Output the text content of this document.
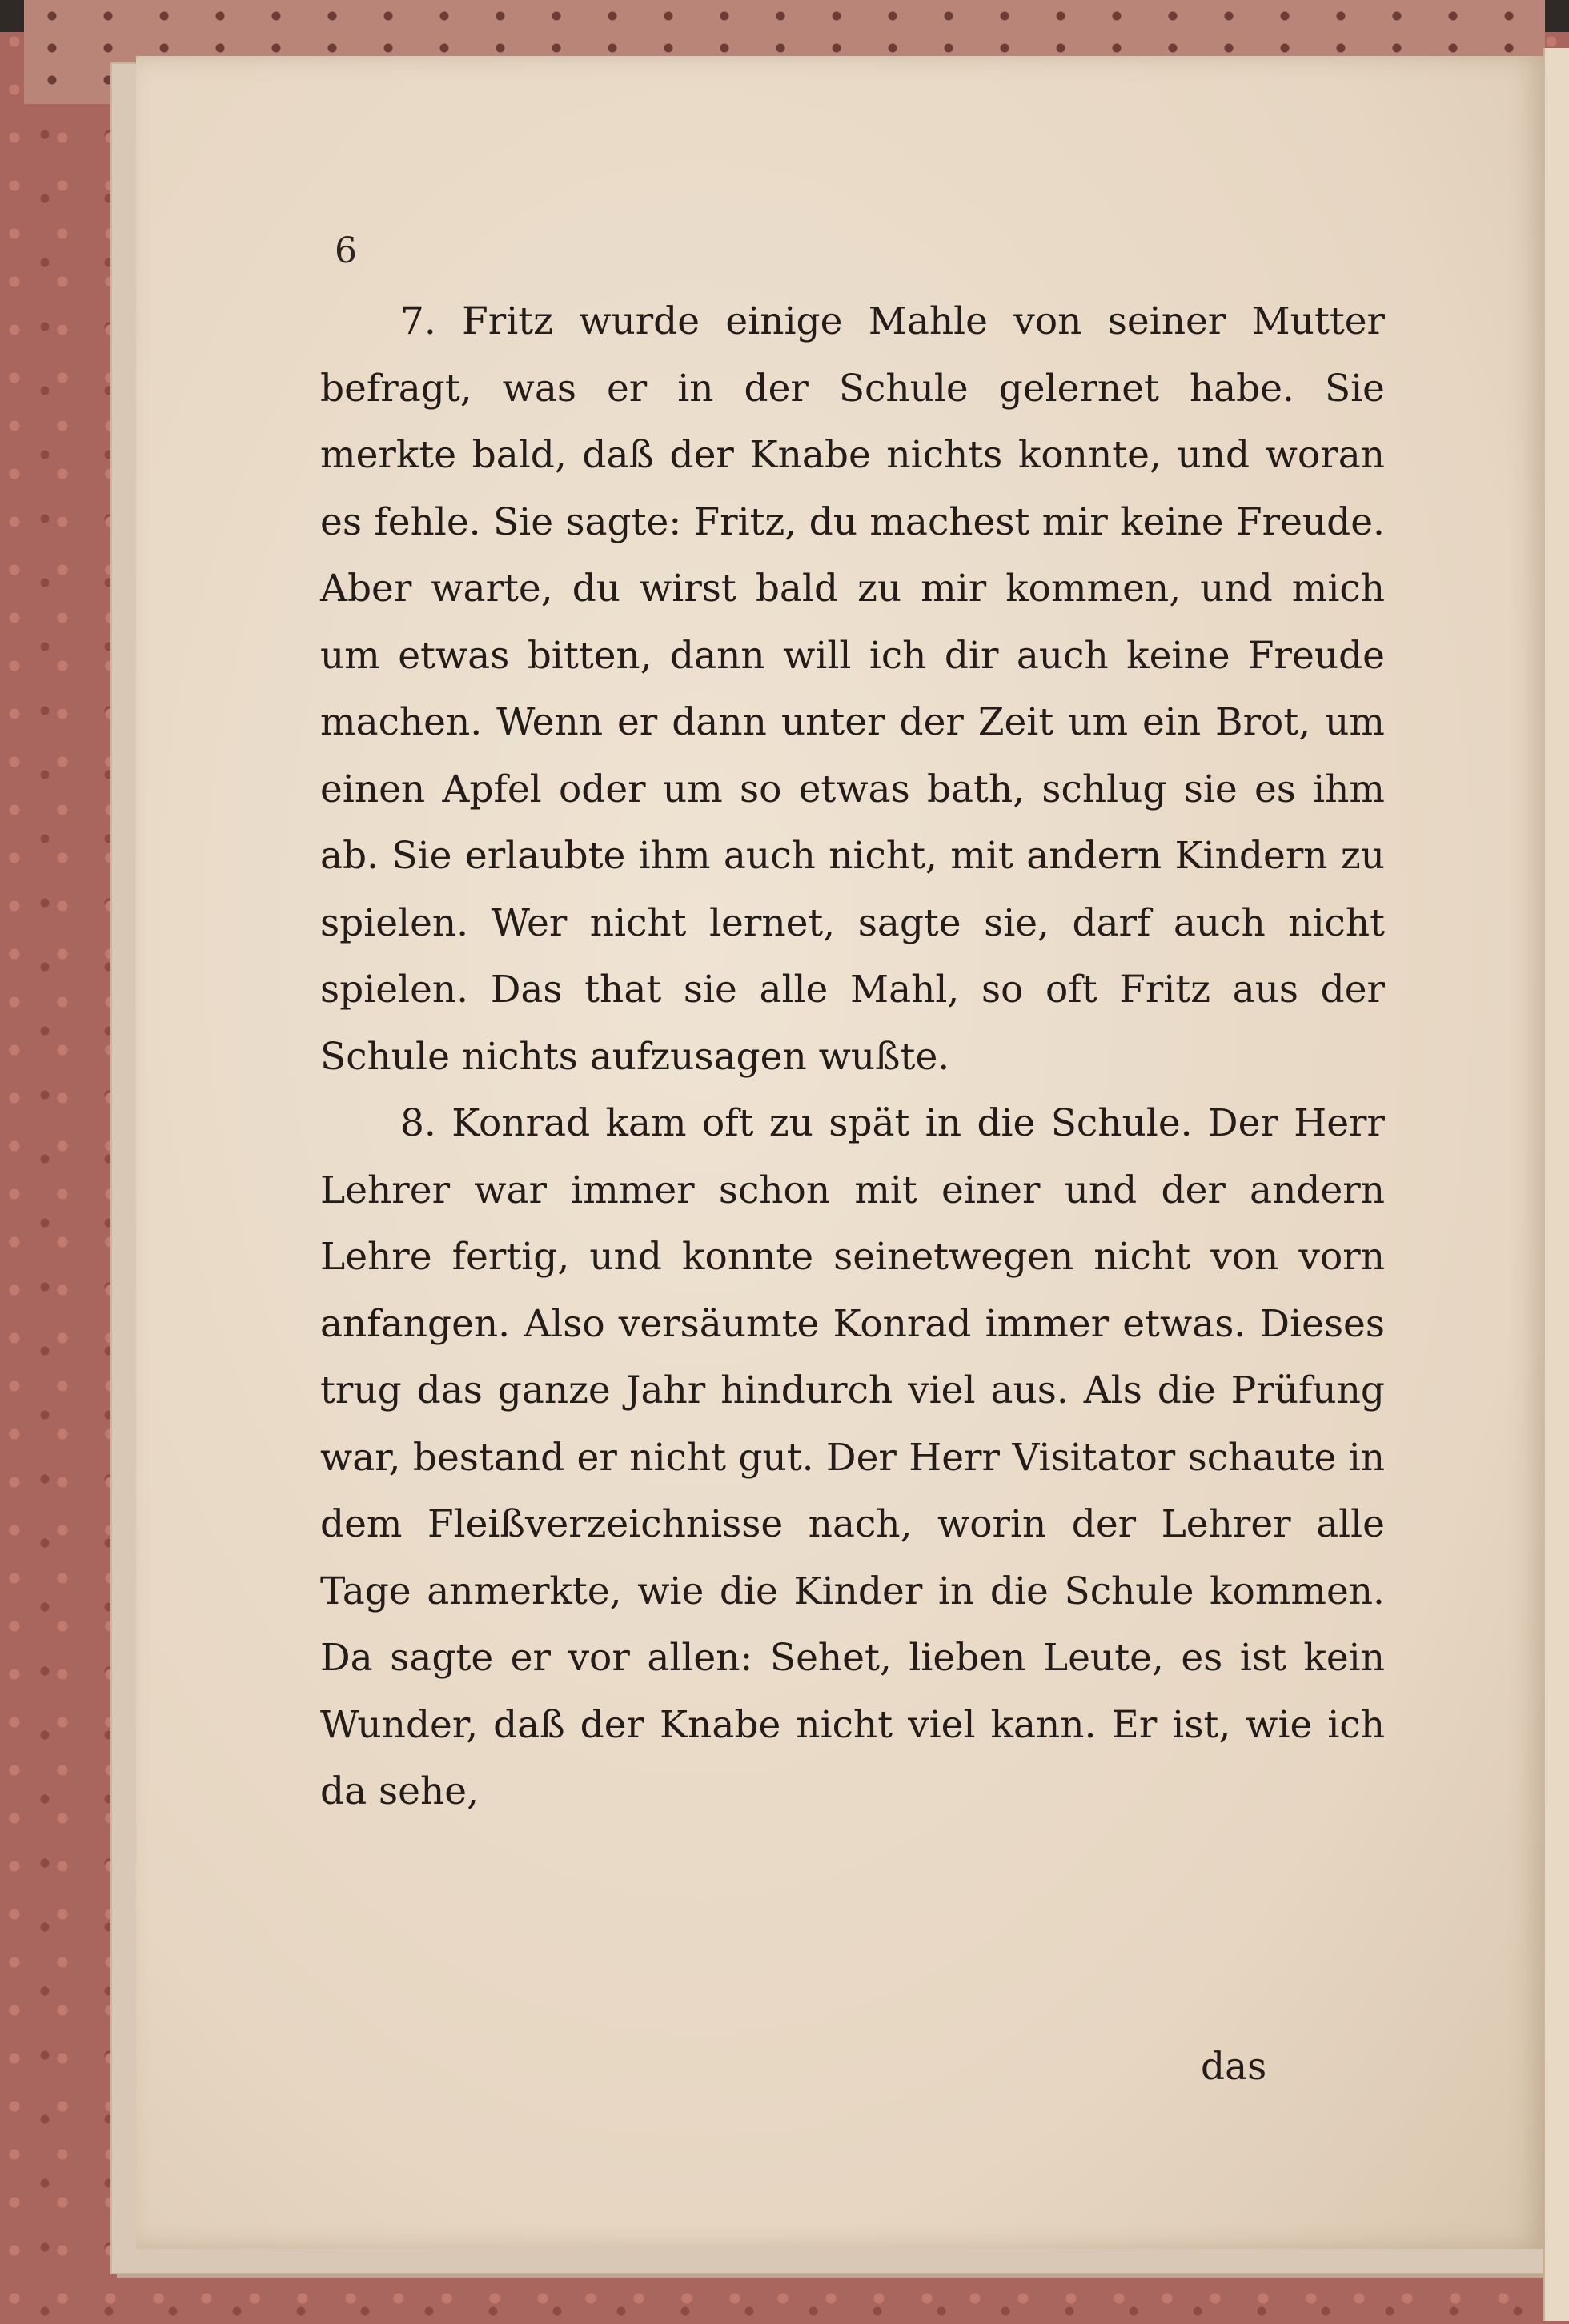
6

7. Fritz wurde einige Mahle von seiner Mutter befragt, was er in der Schule gelernet habe. Sie merkte bald, daß der Knabe nichts konnte, und woran es fehle. Sie sagte: Fritz, du machest mir keine Freude. Aber warte, du wirst bald zu mir kommen, und mich um etwas bitten, dann will ich dir auch keine Freude machen. Wenn er dann unter der Zeit um ein Brot, um einen Apfel oder um so etwas bath, schlug sie es ihm ab. Sie erlaubte ihm auch nicht, mit andern Kindern zu spielen. Wer nicht lernet, sagte sie, darf auch nicht spielen. Das that sie alle Mahl, so oft Fritz aus der Schule nichts aufzusagen wußte.

8. Konrad kam oft zu spät in die Schule. Der Herr Lehrer war immer schon mit einer und der andern Lehre fertig, und konnte seinetwegen nicht von vorn anfangen. Also versäumte Konrad immer etwas. Dieses trug das ganze Jahr hindurch viel aus. Als die Prüfung war, bestand er nicht gut. Der Herr Visitator schaute in dem Fleißverzeichnisse nach, worin der Lehrer alle Tage anmerkte, wie die Kinder in die Schule kommen. Da sagte er vor allen: Sehet, lieben Leute, es ist kein Wunder, daß der Knabe nicht viel kann. Er ist, wie ich da sehe,

das
